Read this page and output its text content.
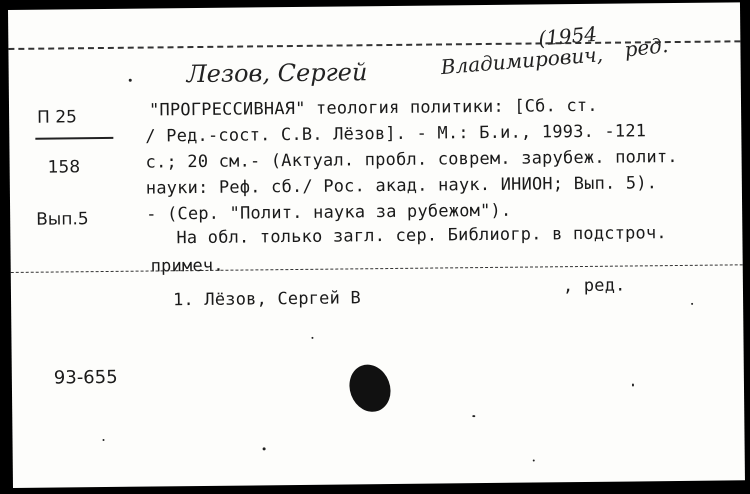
Лезов, Сергей	Владимирович,
(1954 ред.
П 25
158
Вып.5
"ПРОГРЕССИВНАЯ" теология политики: [Сб. ст.
/ Ред.-сост. С.В. Лёзов]. - М.: Б.и., 1993. -121
с.; 20 см.- (Актуал. пробл. соврем. зарубеж. полит.
науки: Реф. сб./ Рос. акад. наук. ИНИОН; Вып. 5).
- (Сер. "Полит. наука за рубежом").
На обл. только загл. сер. Библиогр. в подстроч.
примеч.
1. Лёзов, Сергей В
, ред.
93-655
